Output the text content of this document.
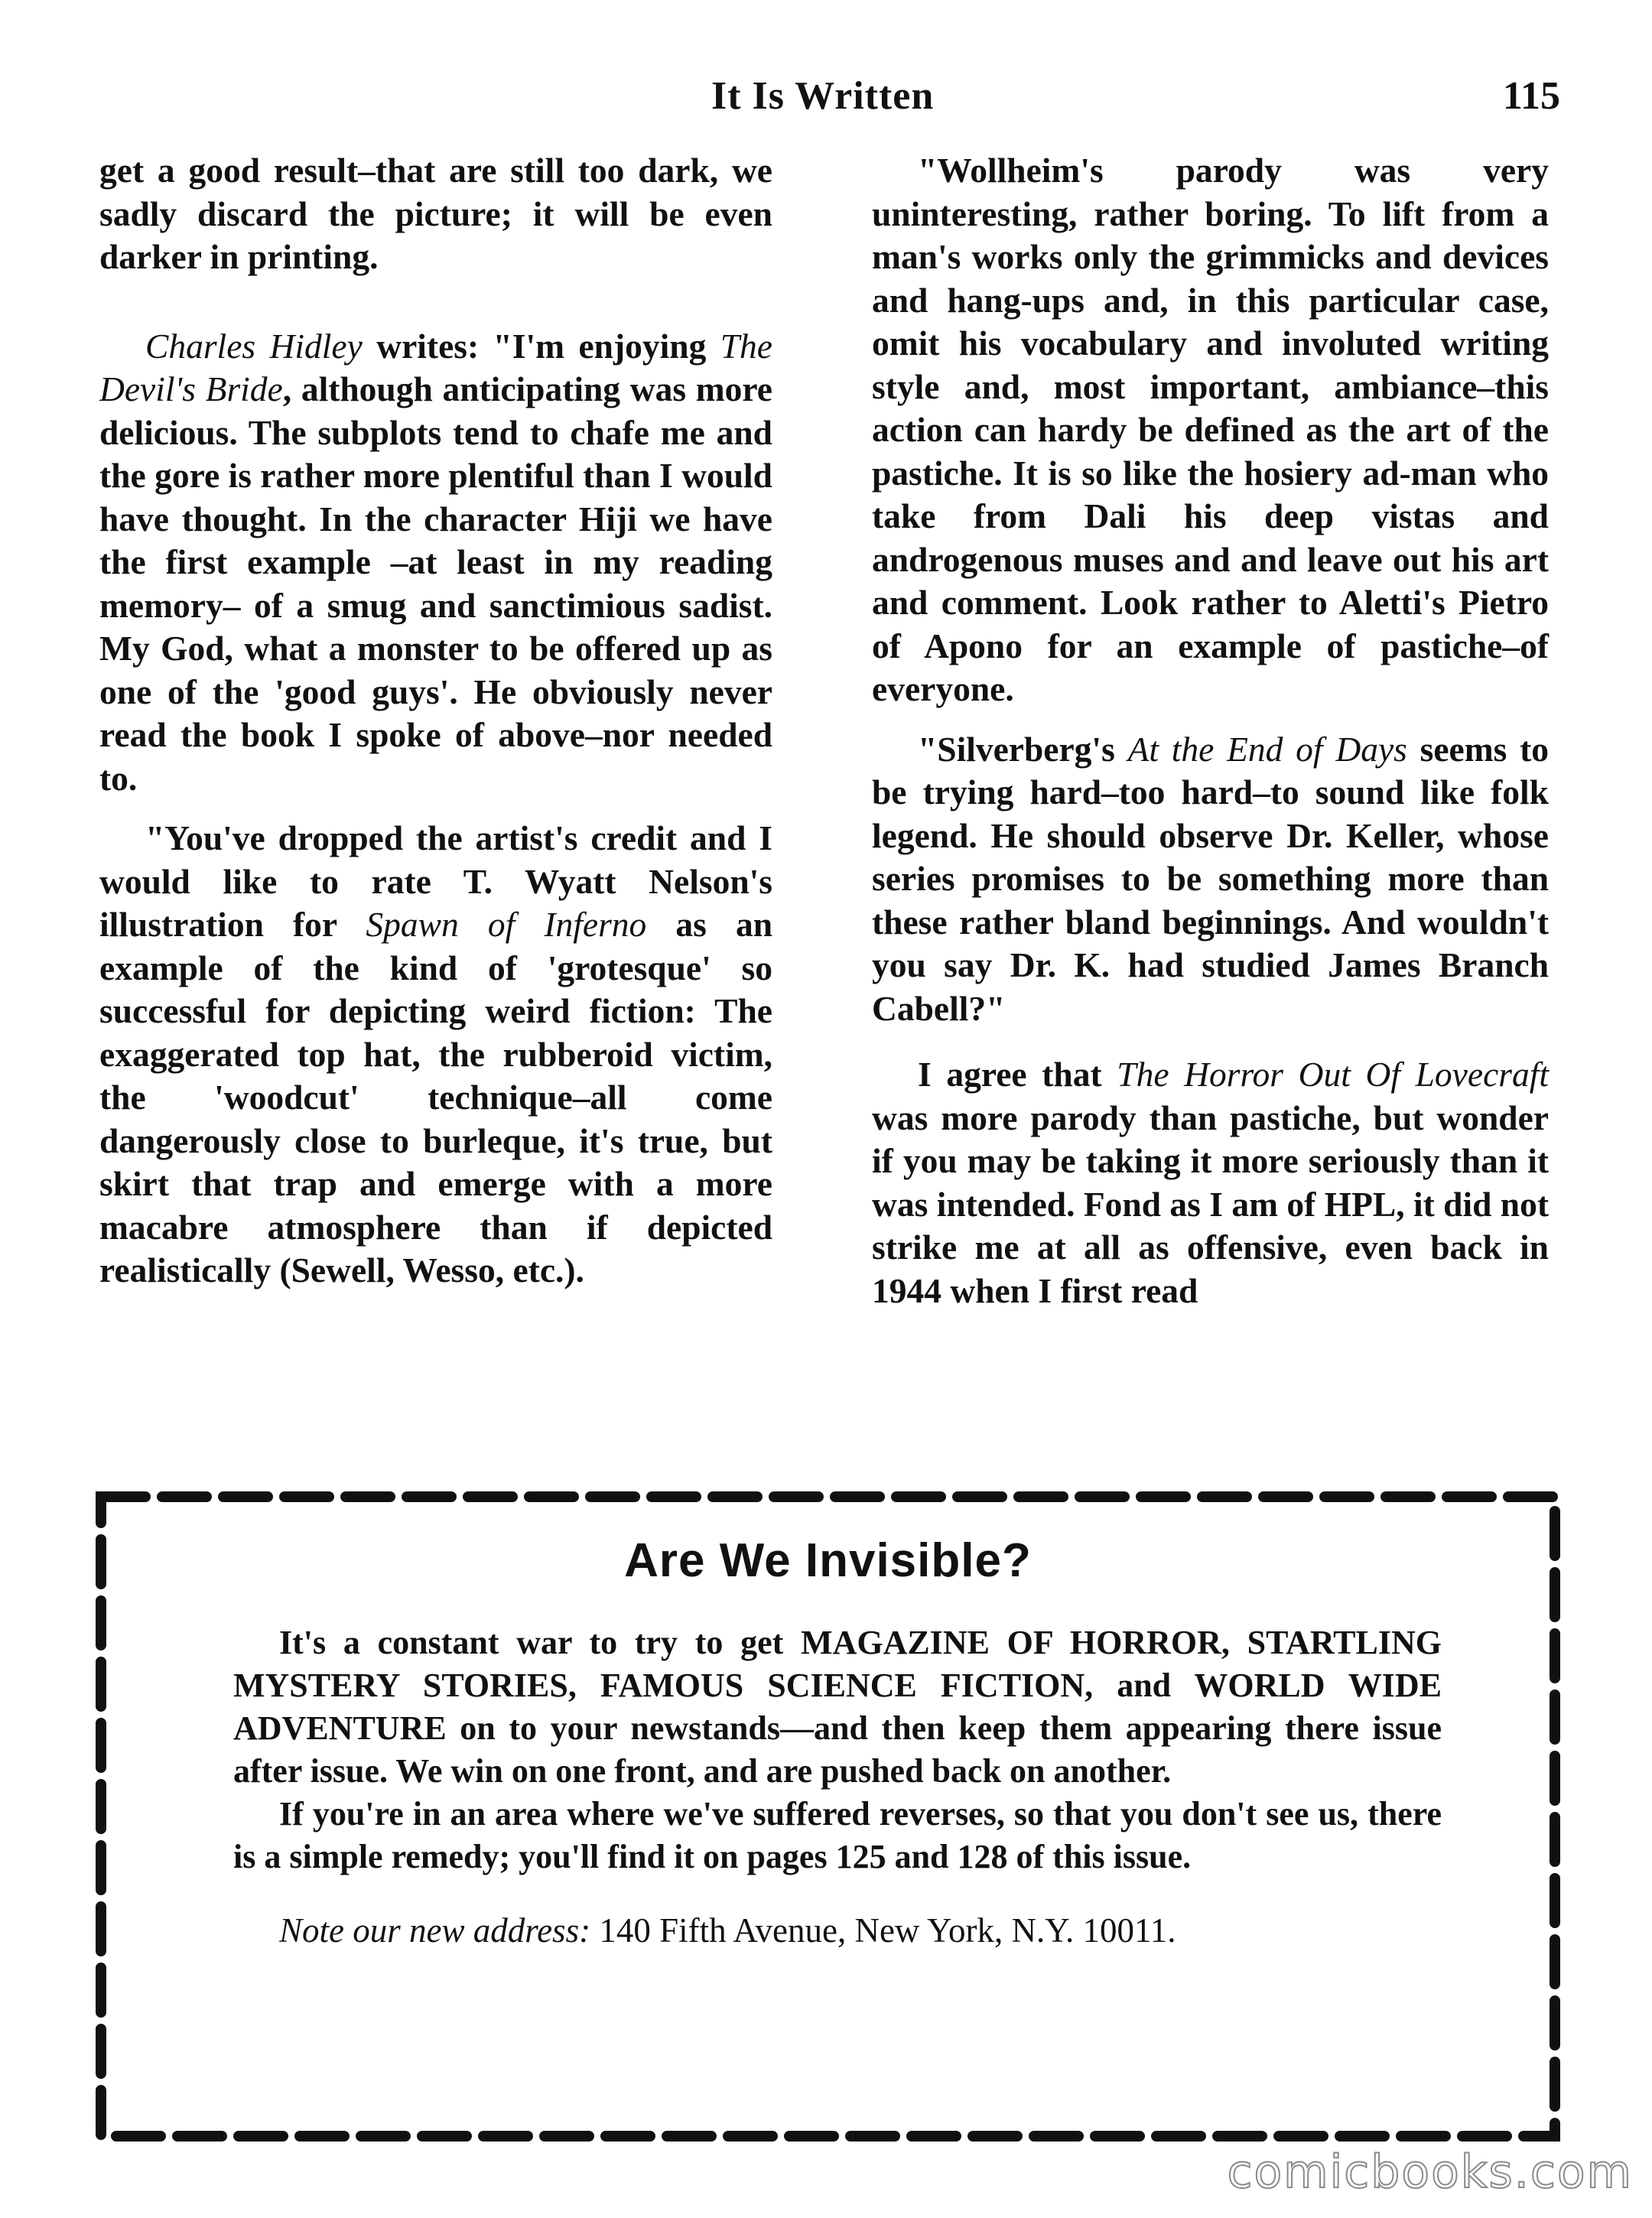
It Is Written	115

get a good result–that are still too dark, we sadly discard the picture; it will be even darker in printing.

Charles Hidley writes: "I'm enjoying The Devil's Bride, although anticipating was more delicious. The subplots tend to chafe me and the gore is rather more plentiful than I would have thought. In the character Hiji we have the first example –at least in my reading memory– of a smug and sanctimious sadist. My God, what a monster to be offered up as one of the 'good guys'. He obviously never read the book I spoke of above–nor needed to.

"You've dropped the artist's credit and I would like to rate T. Wyatt Nelson's illustration for Spawn of Inferno as an example of the kind of 'grotesque' so successful for depicting weird fiction: The exaggerated top hat, the rubberoid victim, the 'woodcut' technique–all come dangerously close to burleque, it's true, but skirt that trap and emerge with a more macabre atmosphere than if depicted realistically (Sewell, Wesso, etc.).

"Wollheim's parody was very uninteresting, rather boring. To lift from a man's works only the grimmicks and devices and hang-ups and, in this particular case, omit his vocabulary and involuted writing style and, most important, ambiance–this action can hardy be defined as the art of the pastiche. It is so like the hosiery ad-man who take from Dali his deep vistas and androgenous muses and and leave out his art and comment. Look rather to Aletti's Pietro of Apono for an example of pastiche–of everyone.

"Silverberg's At the End of Days seems to be trying hard–too hard–to sound like folk legend. He should observe Dr. Keller, whose series promises to be something more than these rather bland beginnings. And wouldn't you say Dr. K. had studied James Branch Cabell?"

I agree that The Horror Out Of Lovecraft was more parody than pastiche, but wonder if you may be taking it more seriously than it was intended. Fond as I am of HPL, it did not strike me at all as offensive, even back in 1944 when I first read

Are We Invisible?

It's a constant war to try to get MAGAZINE OF HORROR, STARTLING MYSTERY STORIES, FAMOUS SCIENCE FICTION, and WORLD WIDE ADVENTURE on to your newstands—and then keep them appearing there issue after issue. We win on one front, and are pushed back on another.

If you're in an area where we've suffered reverses, so that you don't see us, there is a simple remedy; you'll find it on pages 125 and 128 of this issue.

Note our new address: 140 Fifth Avenue, New York, N.Y. 10011.

comicbooks.com
